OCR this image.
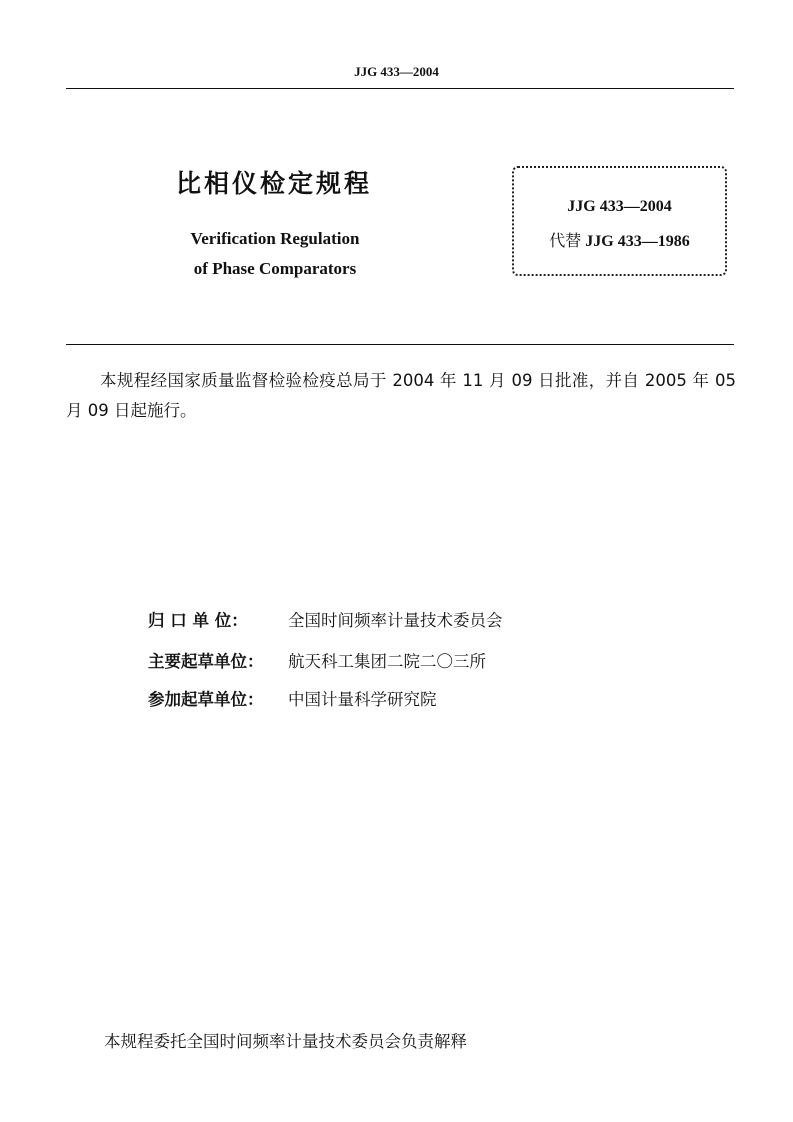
JJG 433—2004
比相仪检定规程
Verification Regulation
of Phase Comparators
JJG 433—2004
代替 JJG 433—1986
本规程经国家质量监督检验检疫总局于 2004 年 11 月 09 日批准，并自 2005 年 05 月 09 日起施行。
归 口 单 位： 全国时间频率计量技术委员会
主要起草单位： 航天科工集团二院二〇三所
参加起草单位： 中国计量科学研究院
本规程委托全国时间频率计量技术委员会负责解释
